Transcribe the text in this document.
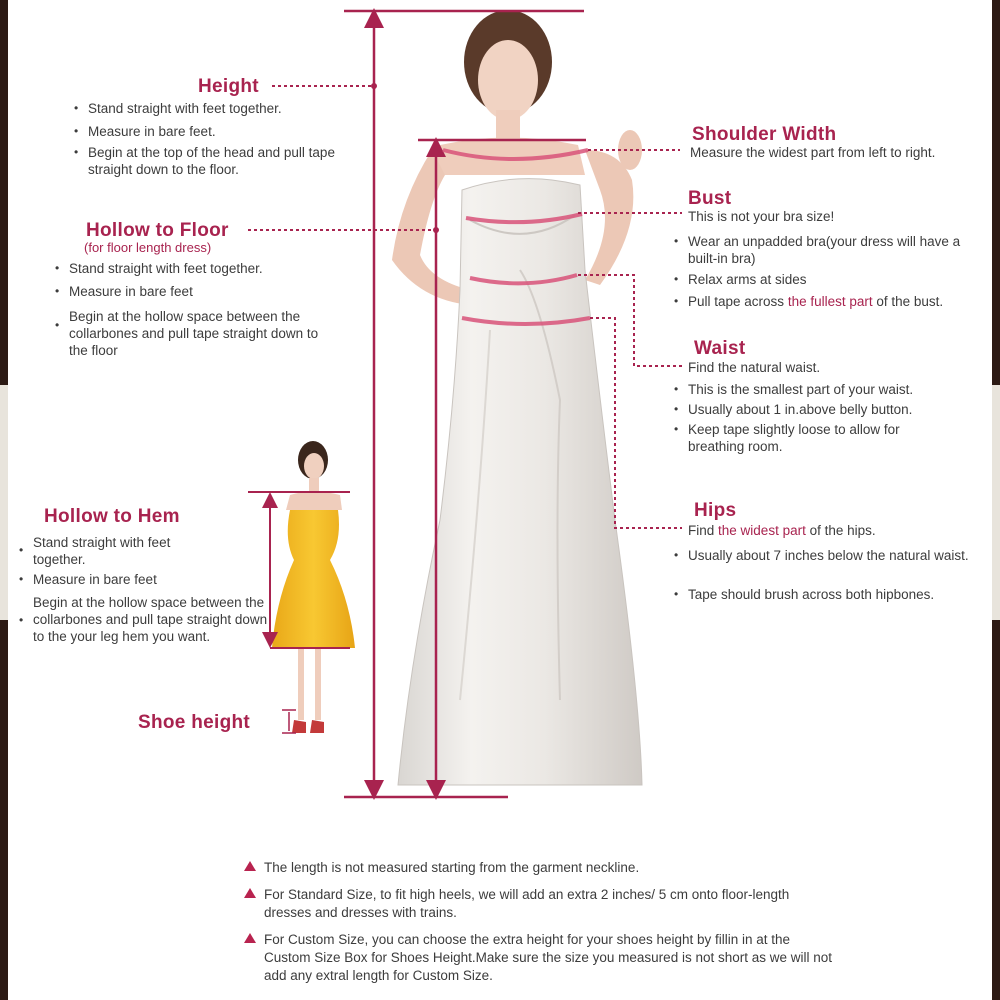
Height
• Stand straight with feet together.
• Measure in bare feet.
• Begin at the top of the head and pull tape straight down to the floor.
Hollow to Floor
(for floor length dress)
• Stand straight with feet together.
• Measure in bare feet
•
Begin at the hollow space between the collarbones and pull tape straight down to the floor
Hollow to Hem
• Stand straight with feet together.
• Measure in bare feet
•
Begin at the hollow space between the collarbones and pull tape straight down to the your leg hem you want.
Shoe height
Shoulder Width
Measure the widest part from left to right.
Bust
This is not your bra size!
• Wear an unpadded bra(your dress will have a built-in bra)
• Relax arms at sides
• Pull tape across the fullest part of the bust.
Waist
Find the natural waist.
• This is the smallest part of your waist.
• Usually about 1 in.above belly button.
• Keep tape slightly loose to allow for breathing room.
Hips
Find the widest part of the hips.
• Usually about 7 inches below the natural waist.
• Tape should brush across both hipbones.
The length is not measured starting from the garment neckline.
For Standard Size, to fit high heels, we will add an extra 2 inches/ 5 cm onto floor-length dresses and dresses with trains.
For Custom Size, you can choose the extra height for your shoes height by fillin in at the Custom Size Box for Shoes Height.Make sure the size you measured is not short as we will not add any extral length for Custom Size.
